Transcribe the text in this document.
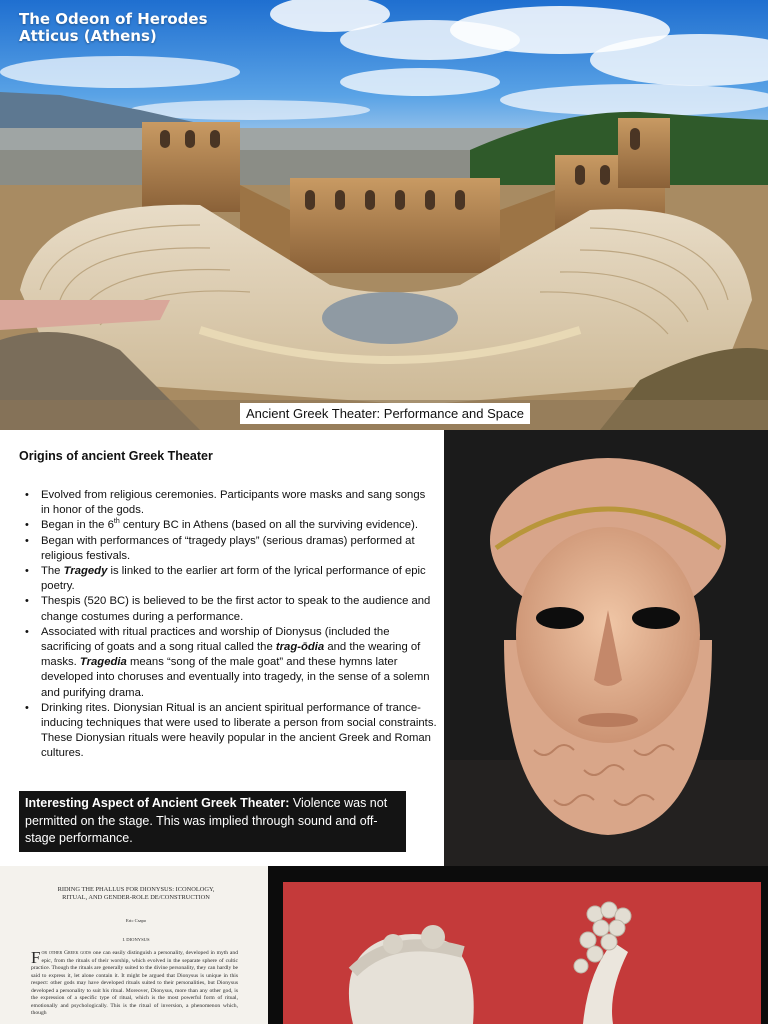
The Odeon of Herodes Atticus (Athens)
Ancient Greek Theater: Performance and Space
Origins of ancient Greek Theater
• Evolved from religious ceremonies. Participants wore masks and sang songs in honor of the gods.
• Began in the 6th century BC in Athens (based on all the surviving evidence).
• Began with performances of “tragedy plays” (serious dramas) performed at religious festivals.
• The Tragedy is linked to the earlier art form of the lyrical performance of epic poetry.
• Thespis (520 BC) is believed to be the first actor to speak to the audience and change costumes during a performance.
• Associated with ritual practices and worship of Dionysus (included the sacrificing of goats and a song ritual called the trag-ōdia and the wearing of masks. Tragedia means “song of the male goat” and these hymns later developed into choruses and eventually into tragedy, in the sense of a solemn and purifying drama.
• Drinking rites. Dionysian Ritual is an ancient spiritual performance of trance-inducing techniques that were used to liberate a person from social constraints. These Dionysian rituals were heavily popular in the ancient Greek and Roman cultures.
Interesting Aspect of Ancient Greek Theater: Violence was not permitted on the stage. This was implied through sound and off-stage performance.
RIDING THE PHALLUS FOR DIONYSUS: ICONOLOGY, RITUAL, AND GENDER-ROLE DE/CONSTRUCTION
Eric Csapo
I. DIONYSUS
For other Greek gods one can easily distinguish a personality, developed in myth and epic, from the rituals of their worship, which evolved in the separate sphere of cultic practice. Though the rituals are generally suited to the divine personality, they can hardly be said to express it, let alone contain it. It might be argued that Dionysus is unique in this respect: other gods may have developed rituals suited to their personalities, but Dionysus developed a personality to suit his ritual. Moreover, Dionysus, more than any other god, is the expression of a specific type of ritual, which is the most powerful form of ritual, emotionally and psychologically. This is the ritual of inversion, a phenomenon which, though
